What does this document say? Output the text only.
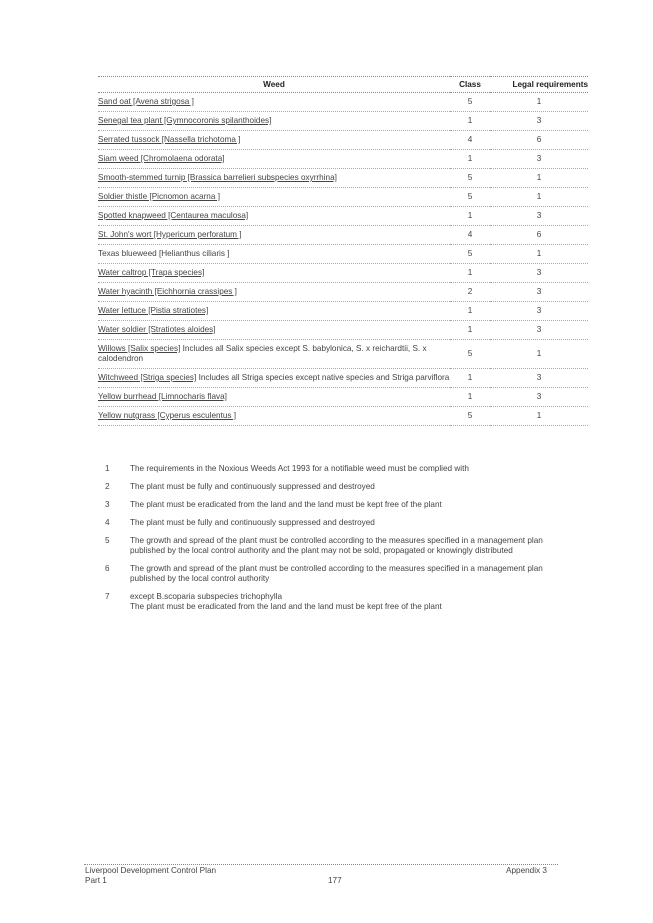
Weed	Class	Legal requirements
Sand oat [Avena strigosa ]	5	1
Senegal tea plant [Gymnocoronis spilanthoides]	1	3
Serrated tussock [Nassella trichotoma ]	4	6
Siam weed [Chromolaena odorata]	1	3
Smooth-stemmed turnip [Brassica barrelieri subspecies oxyrrhina]	5	1
Soldier thistle [Picnomon acarna ]	5	1
Spotted knapweed [Centaurea maculosa]	1	3
St. John's wort [Hypericum perforatum ]	4	6
Texas blueweed [Helianthus ciliaris ]	5	1
Water caltrop [Trapa species]	1	3
Water hyacinth [Eichhornia crassipes ]	2	3
Water lettuce [Pistia stratiotes]	1	3
Water soldier [Stratiotes aloides]	1	3
Willows [Salix species] Includes all Salix species except S. babylonica, S. x reichardtii, S. x calodendron	5	1
Witchweed [Striga species] Includes all Striga species except native species and Striga parviflora	1	3
Yellow burrhead [Limnocharis flava]	1	3
Yellow nutgrass [Cyperus esculentus ]	5	1
1	The requirements in the Noxious Weeds Act 1993 for a notifiable weed must be complied with
2	The plant must be fully and continuously suppressed and destroyed
3	The plant must be eradicated from the land and the land must be kept free of the plant
4	The plant must be fully and continuously suppressed and destroyed
5	The growth and spread of the plant must be controlled according to the measures specified in a management plan published by the local control authority and the plant may not be sold, propagated or knowingly distributed
6	The growth and spread of the plant must be controlled according to the measures specified in a management plan published by the local control authority
7	except B.scoparia subspecies trichophylla
The plant must be eradicated from the land and the land must be kept free of the plant
Liverpool Development Control Plan
Part 1	177
Appendix 3
